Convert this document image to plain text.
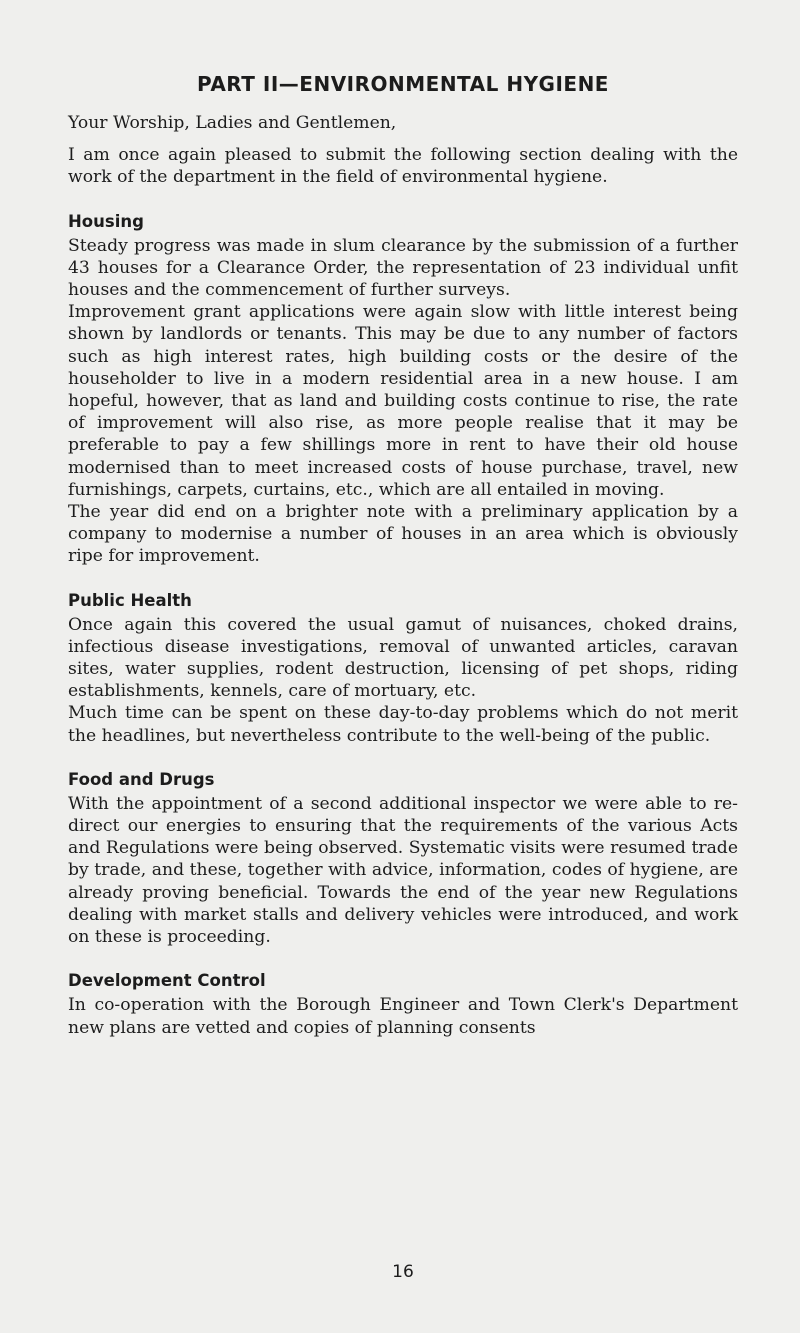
PART II—ENVIRONMENTAL HYGIENE

Your Worship, Ladies and Gentlemen,

I am once again pleased to submit the following section dealing with the work of the department in the field of environmental hygiene.

Housing

Steady progress was made in slum clearance by the submission of a further 43 houses for a Clearance Order, the representation of 23 individual unfit houses and the commencement of further surveys.

Improvement grant applications were again slow with little interest being shown by landlords or tenants. This may be due to any number of factors such as high interest rates, high building costs or the desire of the householder to live in a modern residential area in a new house. I am hopeful, however, that as land and building costs continue to rise, the rate of improvement will also rise, as more people realise that it may be preferable to pay a few shillings more in rent to have their old house modernised than to meet increased costs of house purchase, travel, new furnishings, carpets, curtains, etc., which are all entailed in moving.

The year did end on a brighter note with a preliminary application by a company to modernise a number of houses in an area which is obviously ripe for improvement.

Public Health

Once again this covered the usual gamut of nuisances, choked drains, infectious disease investigations, removal of unwanted articles, caravan sites, water supplies, rodent destruction, licensing of pet shops, riding establishments, kennels, care of mortuary, etc.

Much time can be spent on these day-to-day problems which do not merit the headlines, but nevertheless contribute to the well-being of the public.

Food and Drugs

With the appointment of a second additional inspector we were able to re-direct our energies to ensuring that the requirements of the various Acts and Regulations were being observed. Systematic visits were resumed trade by trade, and these, together with advice, information, codes of hygiene, are already proving beneficial. Towards the end of the year new Regulations dealing with market stalls and delivery vehicles were introduced, and work on these is proceeding.

Development Control

In co-operation with the Borough Engineer and Town Clerk's Department new plans are vetted and copies of planning consents

16
